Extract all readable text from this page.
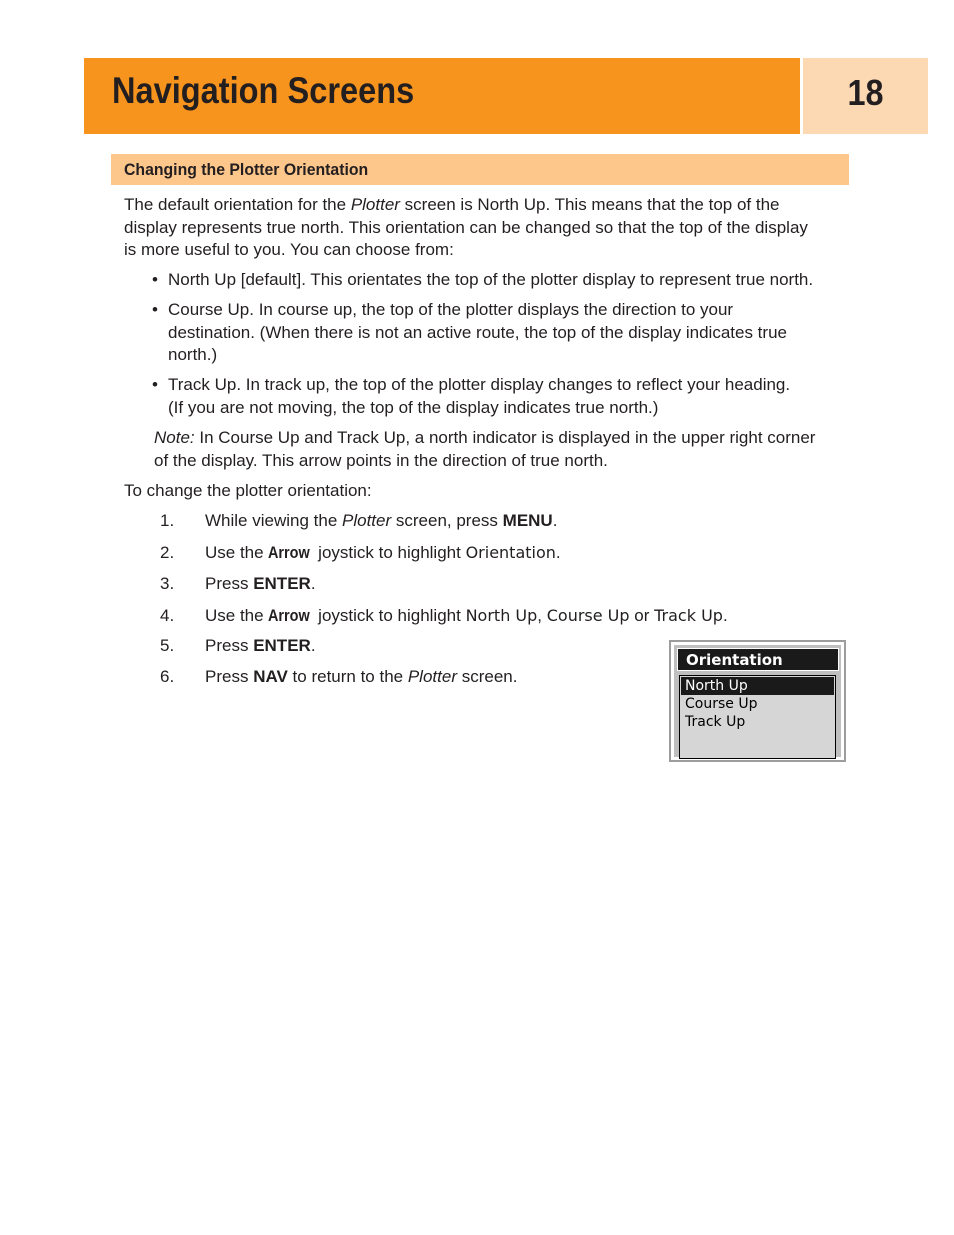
Navigation Screens	18
Changing the Plotter Orientation
The default orientation for the Plotter screen is North Up. This means that the top of the
display represents true north. This orientation can be changed so that the top of the display
is more useful to you. You can choose from:
• North Up [default]. This orientates the top of the plotter display to represent true north.
• Course Up. In course up, the top of the plotter displays the direction to your
destination. (When there is not an active route, the top of the display indicates true
north.)
• Track Up. In track up, the top of the plotter display changes to reflect your heading.
(If you are not moving, the top of the display indicates true north.)
Note: In Course Up and Track Up, a north indicator is displayed in the upper right corner
of the display. This arrow points in the direction of true north.
To change the plotter orientation:
1. While viewing the Plotter screen, press MENU.
2. Use the Arrow joystick to highlight Orientation.
3. Press ENTER.
4. Use the Arrow joystick to highlight North Up, Course Up or Track Up.
5. Press ENTER.
6. Press NAV to return to the Plotter screen.
Orientation
North Up
Course Up
Track Up
